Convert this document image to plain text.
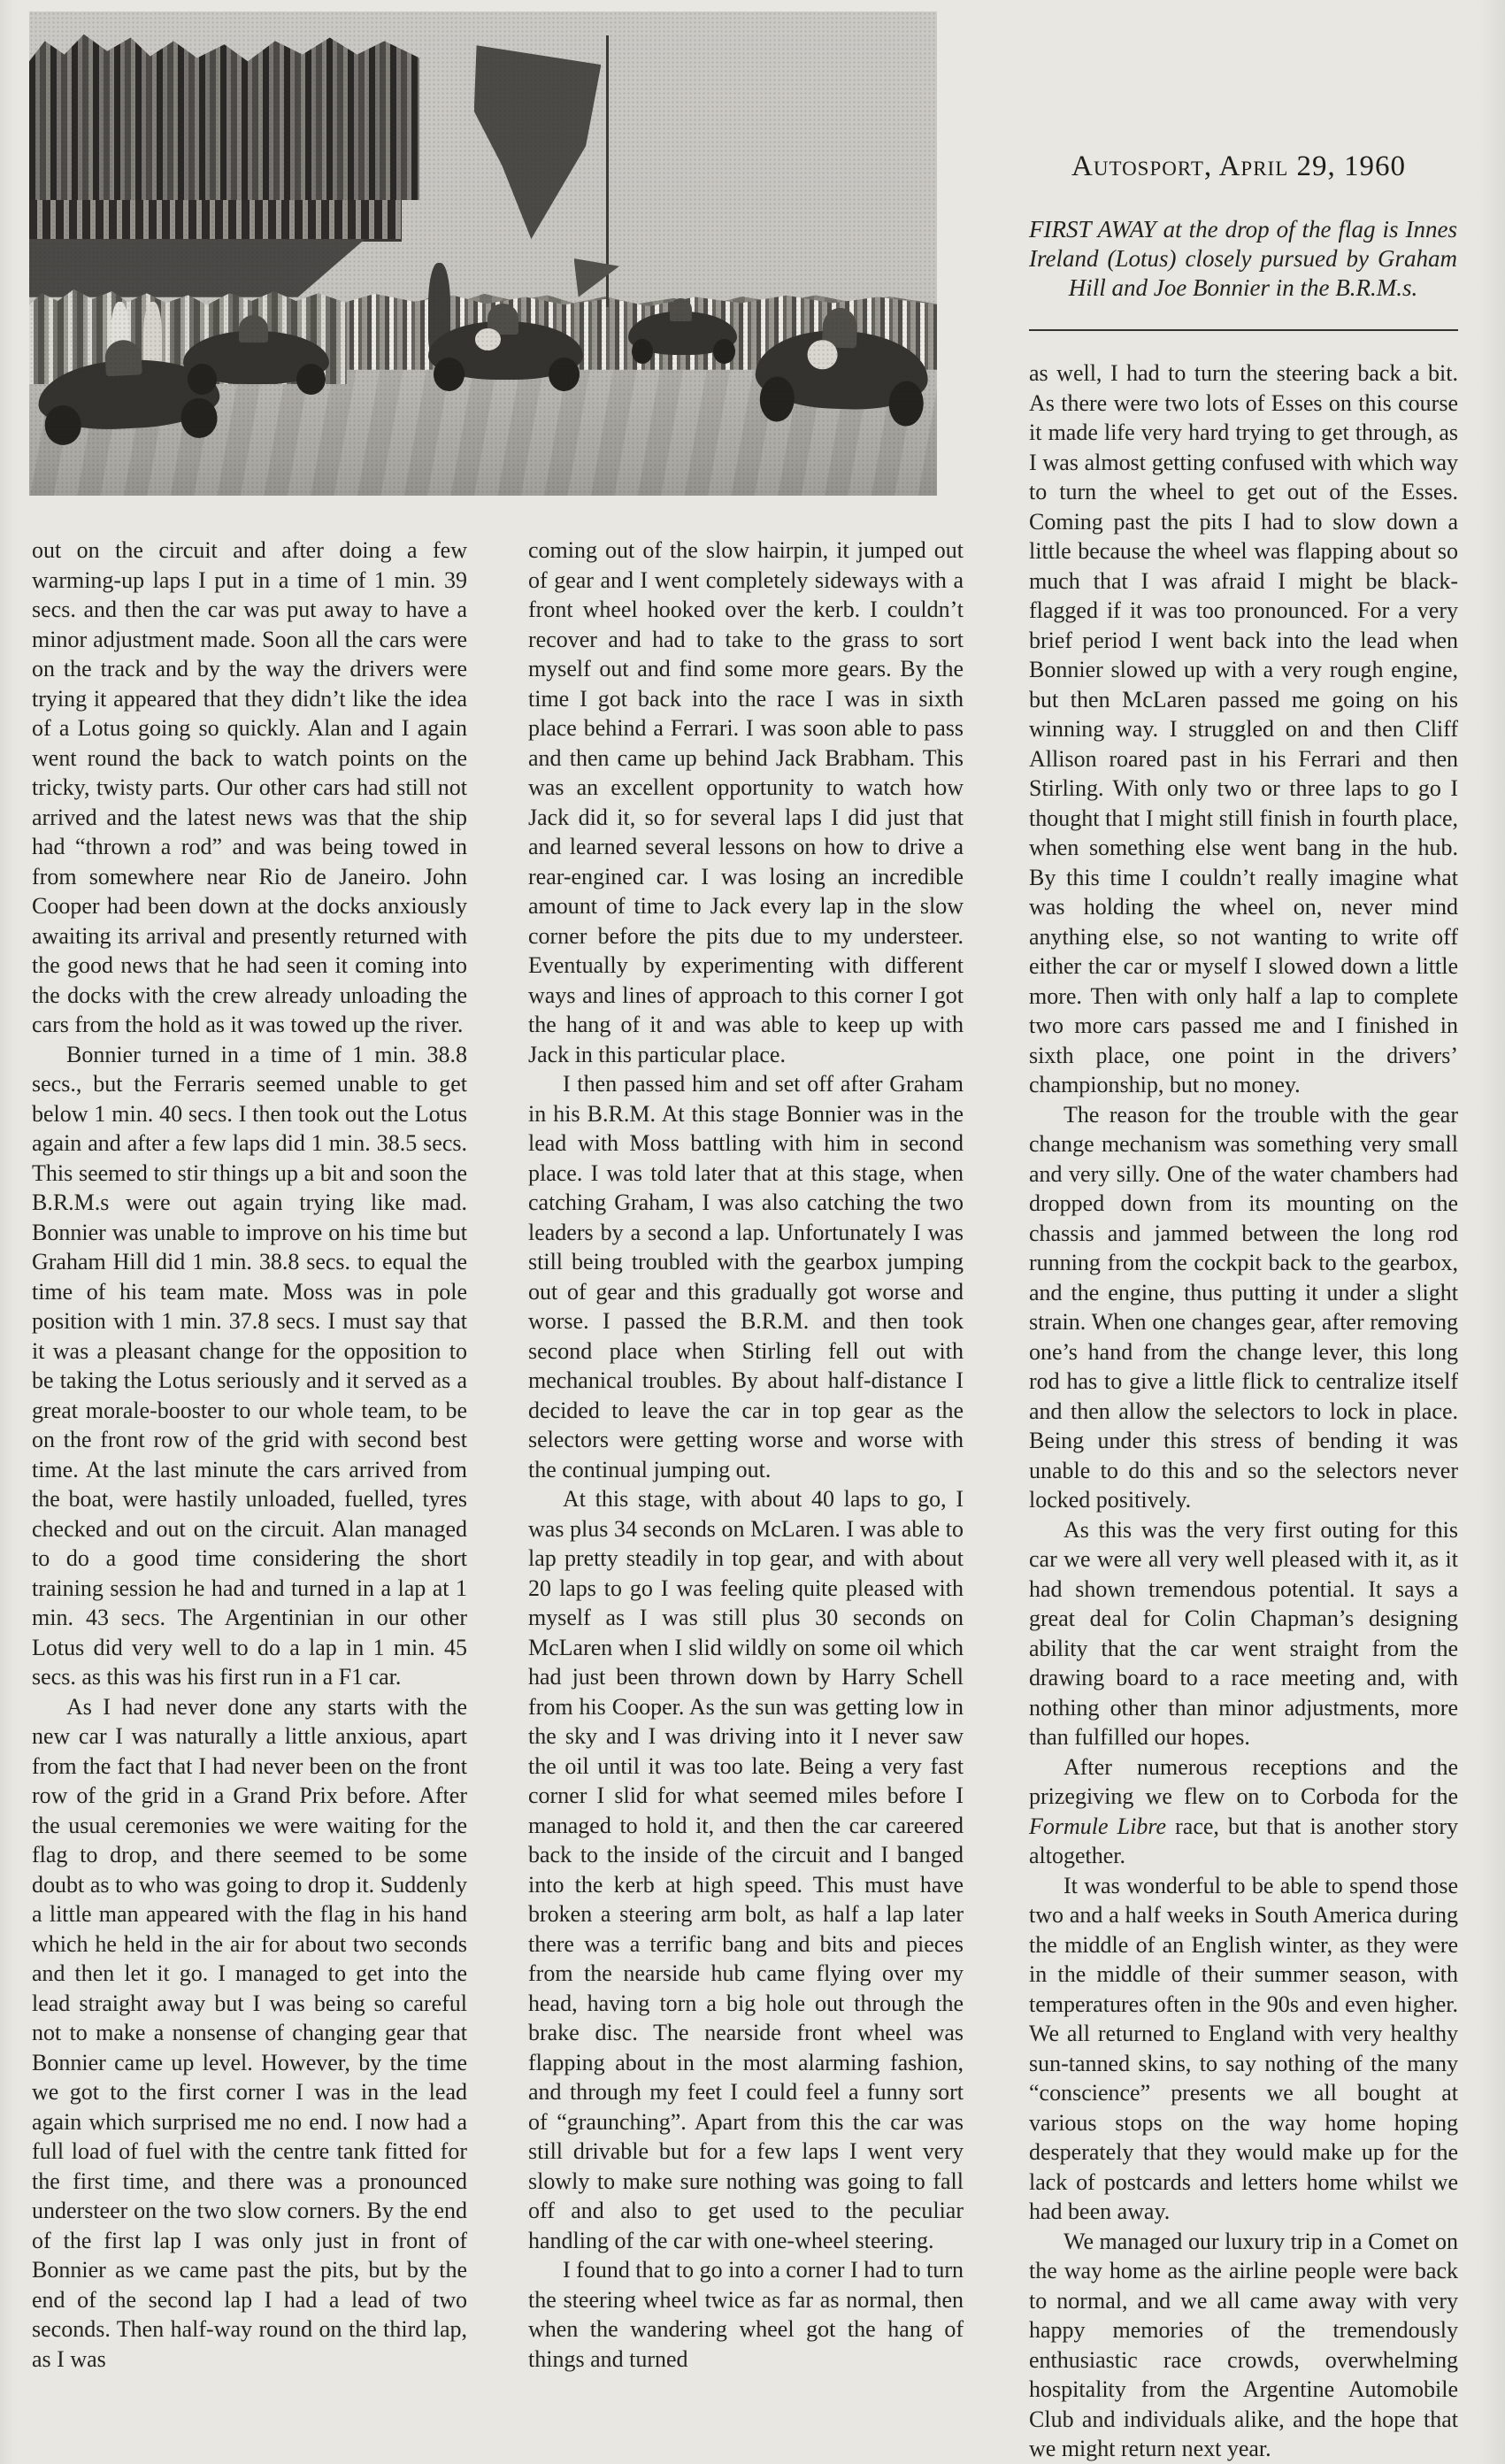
Autosport, April 29, 1960
FIRST AWAY at the drop of the flag is Innes Ireland (Lotus) closely pursued by Graham Hill and Joe Bonnier in the B.R.M.s.

out on the circuit and after doing a few warming-up laps I put in a time of 1 min. 39 secs. and then the car was put away to have a minor adjustment made. Soon all the cars were on the track and by the way the drivers were trying it appeared that they didn’t like the idea of a Lotus going so quickly. Alan and I again went round the back to watch points on the tricky, twisty parts. Our other cars had still not arrived and the latest news was that the ship had “thrown a rod” and was being towed in from somewhere near Rio de Janeiro. John Cooper had been down at the docks anxiously awaiting its arrival and presently returned with the good news that he had seen it coming into the docks with the crew already unloading the cars from the hold as it was towed up the river.

Bonnier turned in a time of 1 min. 38.8 secs., but the Ferraris seemed unable to get below 1 min. 40 secs. I then took out the Lotus again and after a few laps did 1 min. 38.5 secs. This seemed to stir things up a bit and soon the B.R.M.s were out again trying like mad. Bonnier was unable to improve on his time but Graham Hill did 1 min. 38.8 secs. to equal the time of his team mate. Moss was in pole position with 1 min. 37.8 secs. I must say that it was a pleasant change for the opposition to be taking the Lotus seriously and it served as a great morale-booster to our whole team, to be on the front row of the grid with second best time. At the last minute the cars arrived from the boat, were hastily unloaded, fuelled, tyres checked and out on the circuit. Alan managed to do a good time considering the short training session he had and turned in a lap at 1 min. 43 secs. The Argentinian in our other Lotus did very well to do a lap in 1 min. 45 secs. as this was his first run in a F1 car.

As I had never done any starts with the new car I was naturally a little anxious, apart from the fact that I had never been on the front row of the grid in a Grand Prix before. After the usual ceremonies we were waiting for the flag to drop, and there seemed to be some doubt as to who was going to drop it. Suddenly a little man appeared with the flag in his hand which he held in the air for about two seconds and then let it go. I managed to get into the lead straight away but I was being so careful not to make a nonsense of changing gear that Bonnier came up level. However, by the time we got to the first corner I was in the lead again which surprised me no end. I now had a full load of fuel with the centre tank fitted for the first time, and there was a pronounced understeer on the two slow corners. By the end of the first lap I was only just in front of Bonnier as we came past the pits, but by the end of the second lap I had a lead of two seconds. Then half-way round on the third lap, as I was

coming out of the slow hairpin, it jumped out of gear and I went completely sideways with a front wheel hooked over the kerb. I couldn’t recover and had to take to the grass to sort myself out and find some more gears. By the time I got back into the race I was in sixth place behind a Ferrari. I was soon able to pass and then came up behind Jack Brabham. This was an excellent opportunity to watch how Jack did it, so for several laps I did just that and learned several lessons on how to drive a rear-engined car. I was losing an incredible amount of time to Jack every lap in the slow corner before the pits due to my understeer. Eventually by experimenting with different ways and lines of approach to this corner I got the hang of it and was able to keep up with Jack in this particular place.

I then passed him and set off after Graham in his B.R.M. At this stage Bonnier was in the lead with Moss battling with him in second place. I was told later that at this stage, when catching Graham, I was also catching the two leaders by a second a lap. Unfortunately I was still being troubled with the gearbox jumping out of gear and this gradually got worse and worse. I passed the B.R.M. and then took second place when Stirling fell out with mechanical troubles. By about half-distance I decided to leave the car in top gear as the selectors were getting worse and worse with the continual jumping out.

At this stage, with about 40 laps to go, I was plus 34 seconds on McLaren. I was able to lap pretty steadily in top gear, and with about 20 laps to go I was feeling quite pleased with myself as I was still plus 30 seconds on McLaren when I slid wildly on some oil which had just been thrown down by Harry Schell from his Cooper. As the sun was getting low in the sky and I was driving into it I never saw the oil until it was too late. Being a very fast corner I slid for what seemed miles before I managed to hold it, and then the car careered back to the inside of the circuit and I banged into the kerb at high speed. This must have broken a steering arm bolt, as half a lap later there was a terrific bang and bits and pieces from the nearside hub came flying over my head, having torn a big hole out through the brake disc. The nearside front wheel was flapping about in the most alarming fashion, and through my feet I could feel a funny sort of “graunching”. Apart from this the car was still drivable but for a few laps I went very slowly to make sure nothing was going to fall off and also to get used to the peculiar handling of the car with one-wheel steering.

I found that to go into a corner I had to turn the steering wheel twice as far as normal, then when the wandering wheel got the hang of things and turned

as well, I had to turn the steering back a bit. As there were two lots of Esses on this course it made life very hard trying to get through, as I was almost getting confused with which way to turn the wheel to get out of the Esses. Coming past the pits I had to slow down a little because the wheel was flapping about so much that I was afraid I might be black-flagged if it was too pronounced. For a very brief period I went back into the lead when Bonnier slowed up with a very rough engine, but then McLaren passed me going on his winning way. I struggled on and then Cliff Allison roared past in his Ferrari and then Stirling. With only two or three laps to go I thought that I might still finish in fourth place, when something else went bang in the hub. By this time I couldn’t really imagine what was holding the wheel on, never mind anything else, so not wanting to write off either the car or myself I slowed down a little more. Then with only half a lap to complete two more cars passed me and I finished in sixth place, one point in the drivers’ championship, but no money.

The reason for the trouble with the gear change mechanism was something very small and very silly. One of the water chambers had dropped down from its mounting on the chassis and jammed between the long rod running from the cockpit back to the gearbox, and the engine, thus putting it under a slight strain. When one changes gear, after removing one’s hand from the change lever, this long rod has to give a little flick to centralize itself and then allow the selectors to lock in place. Being under this stress of bending it was unable to do this and so the selectors never locked positively.

As this was the very first outing for this car we were all very well pleased with it, as it had shown tremendous potential. It says a great deal for Colin Chapman’s designing ability that the car went straight from the drawing board to a race meeting and, with nothing other than minor adjustments, more than fulfilled our hopes.

After numerous receptions and the prizegiving we flew on to Corboda for the Formule Libre race, but that is another story altogether.

It was wonderful to be able to spend those two and a half weeks in South America during the middle of an English winter, as they were in the middle of their summer season, with temperatures often in the 90s and even higher. We all returned to England with very healthy sun-tanned skins, to say nothing of the many “conscience” presents we all bought at various stops on the way home hoping desperately that they would make up for the lack of postcards and letters home whilst we had been away.

We managed our luxury trip in a Comet on the way home as the airline people were back to normal, and we all came away with very happy memories of the tremendously enthusiastic race crowds, overwhelming hospitality from the Argentine Automobile Club and individuals alike, and the hope that we might return next year.
